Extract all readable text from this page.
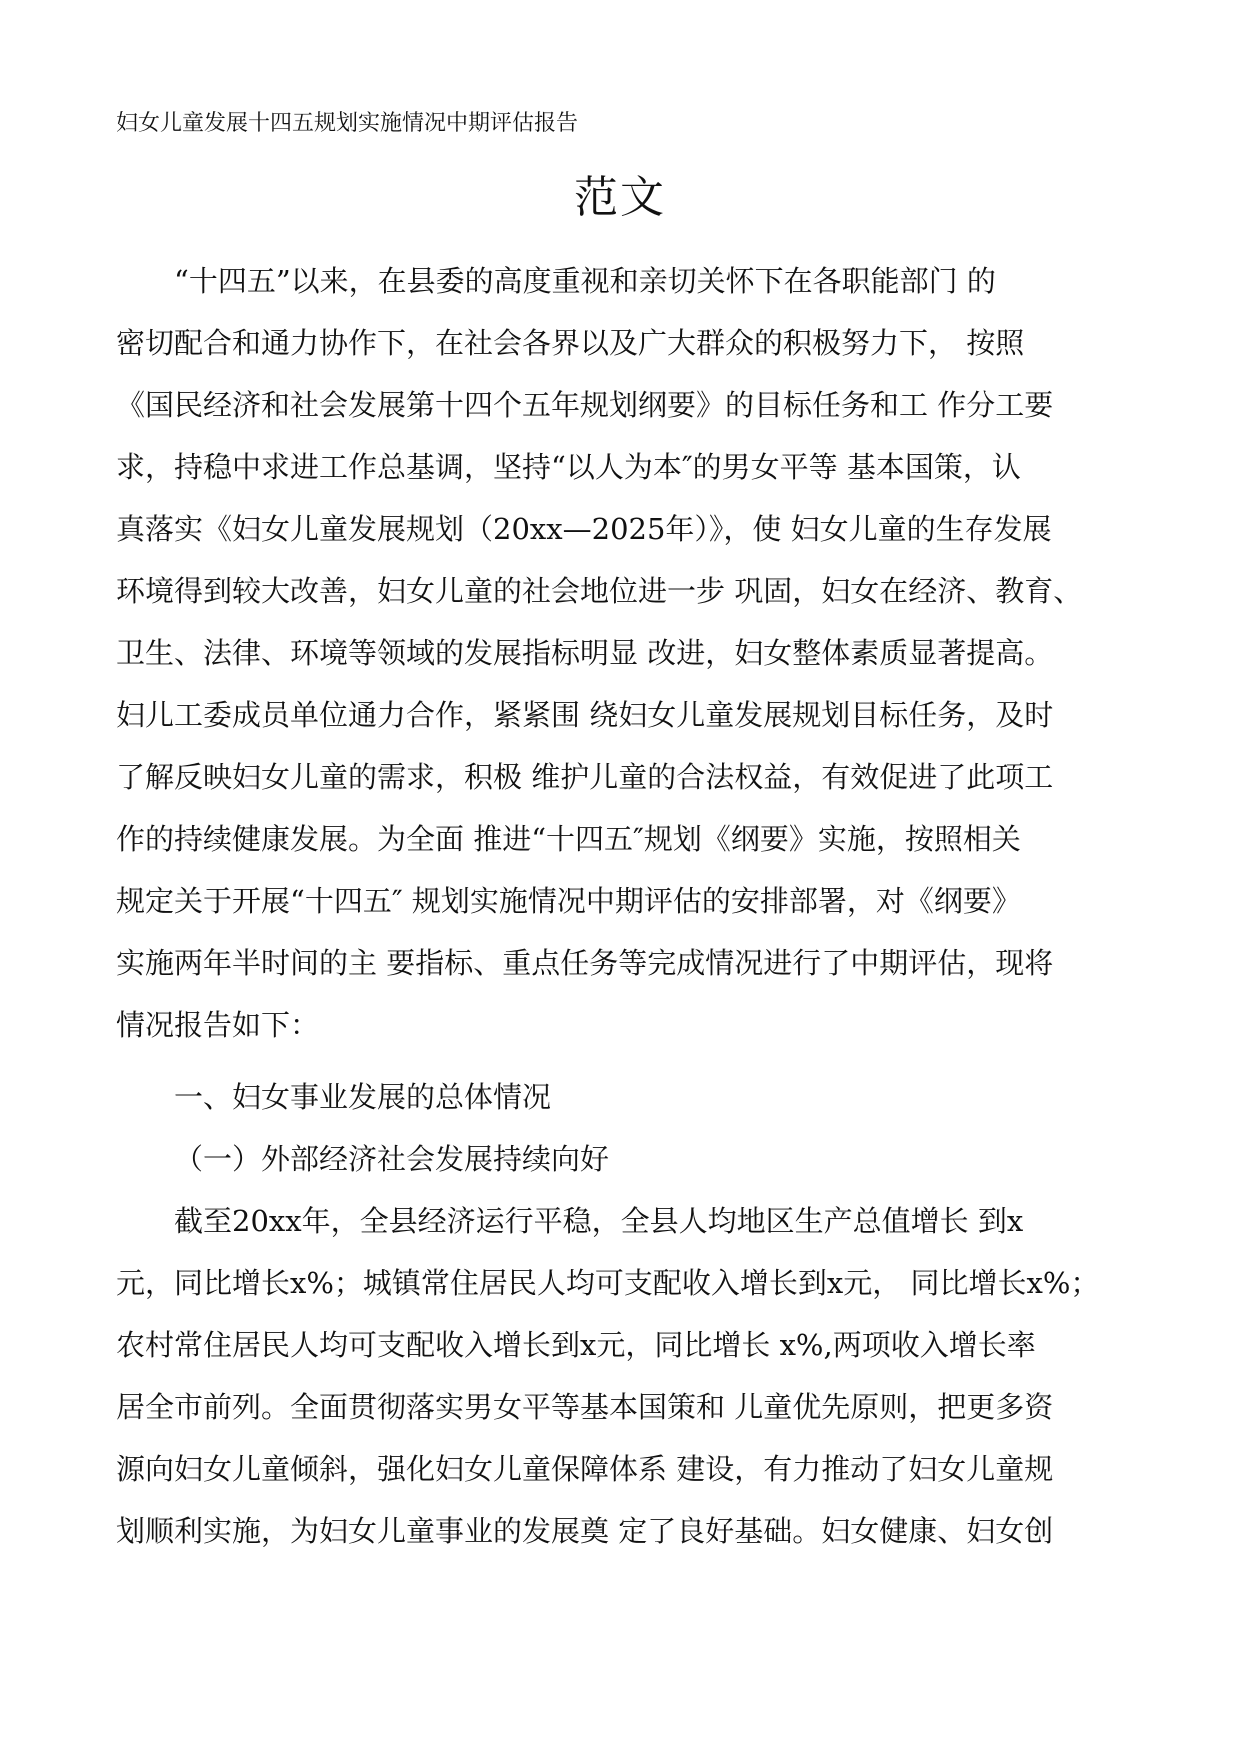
妇女儿童发展十四五规划实施情况中期评估报告
范文
“十四五”以来，在县委的高度重视和亲切关怀下在各职能部门 的
密切配合和通力协作下，在社会各界以及广大群众的积极努力下， 按照
《国民经济和社会发展第十四个五年规划纲要》的目标任务和工 作分工要
求，持稳中求进工作总基调，坚持“以人为本″的男女平等 基本国策，认
真落实《妇女儿童发展规划（20xx—2025年）》，使 妇女儿童的生存发展
环境得到较大改善，妇女儿童的社会地位进一步 巩固，妇女在经济、教育、
卫生、法律、环境等领域的发展指标明显 改进，妇女整体素质显著提高。
妇儿工委成员单位通力合作，紧紧围 绕妇女儿童发展规划目标任务，及时
了解反映妇女儿童的需求，积极 维护儿童的合法权益，有效促进了此项工
作的持续健康发展。为全面 推进“十四五″规划《纲要》实施，按照相关
规定关于开展“十四五″ 规划实施情况中期评估的安排部署，对《纲要》
实施两年半时间的主 要指标、重点任务等完成情况进行了中期评估，现将
情况报告如下：
一、妇女事业发展的总体情况
（一）外部经济社会发展持续向好
截至20xx年，全县经济运行平稳，全县人均地区生产总值增长 到x
元，同比增长x%；城镇常住居民人均可支配收入增长到x元， 同比增长x%；
农村常住居民人均可支配收入增长到x元，同比增长 x%,两项收入增长率
居全市前列。全面贯彻落实男女平等基本国策和 儿童优先原则，把更多资
源向妇女儿童倾斜，强化妇女儿童保障体系 建设，有力推动了妇女儿童规
划顺利实施，为妇女儿童事业的发展奠 定了良好基础。妇女健康、妇女创
